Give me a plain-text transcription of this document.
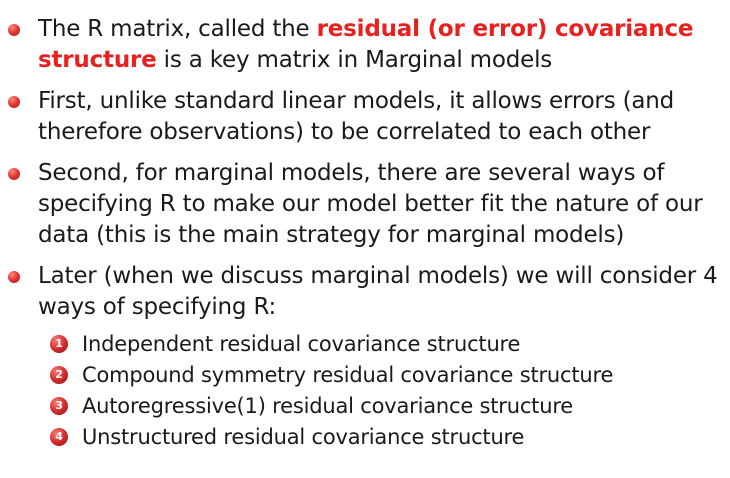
The R matrix, called the residual (or error) covariance structure is a key matrix in Marginal models
First, unlike standard linear models, it allows errors (and therefore observations) to be correlated to each other
Second, for marginal models, there are several ways of specifying R to make our model better fit the nature of our data (this is the main strategy for marginal models)
Later (when we discuss marginal models) we will consider 4 ways of specifying R:
1 Independent residual covariance structure
2 Compound symmetry residual covariance structure
3 Autoregressive(1) residual covariance structure
4 Unstructured residual covariance structure
